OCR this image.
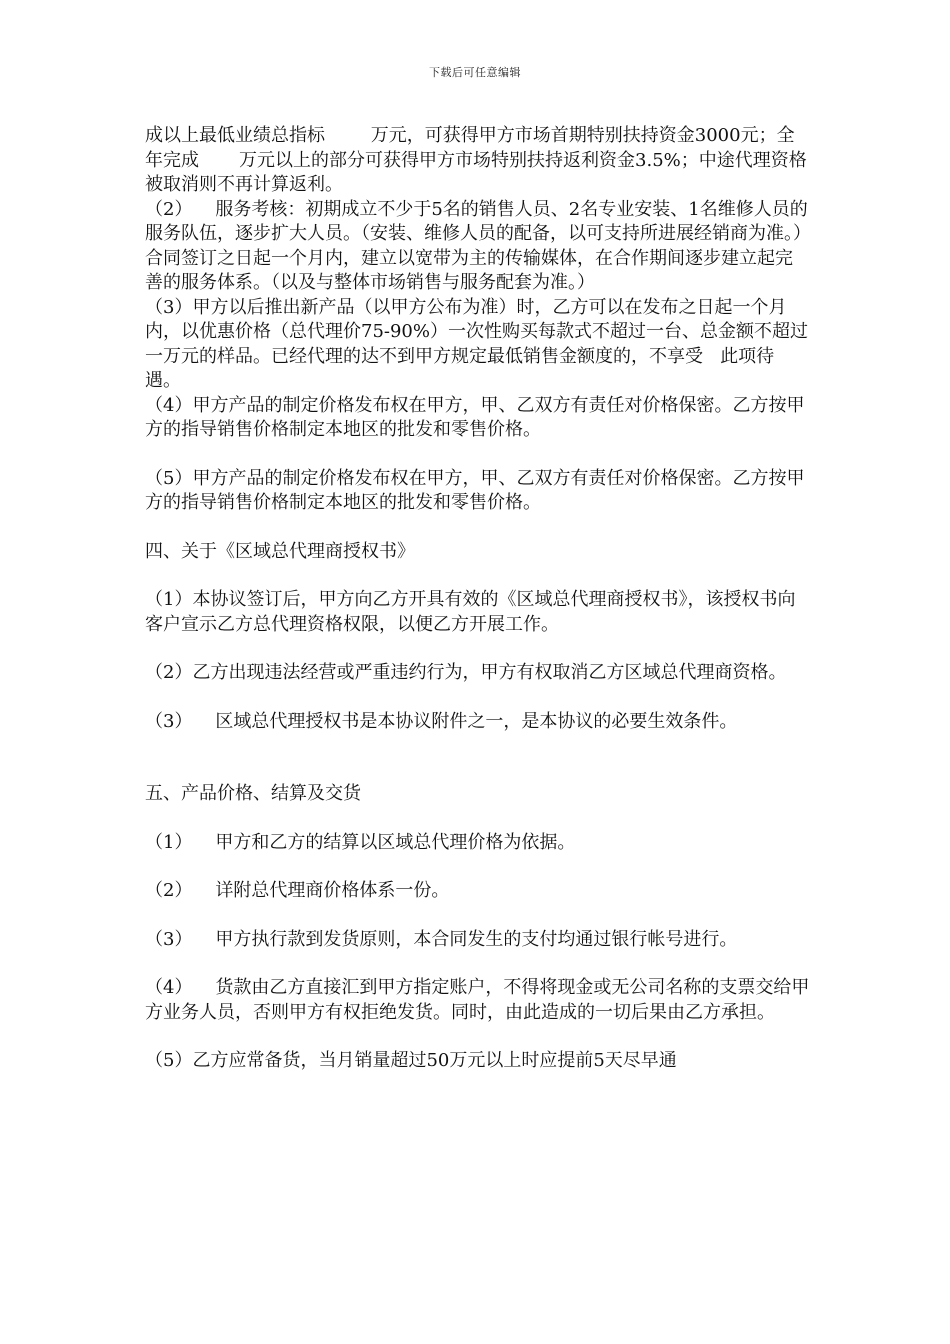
下载后可任意编辑

成以上最低业绩总指标        万元，可获得甲方市场首期特别扶持资金3000元；全年完成       万元以上的部分可获得甲方市场特别扶持返利资金3.5%；中途代理资格被取消则不再计算返利。

（2）    服务考核：初期成立不少于5名的销售人员、2名专业安装、1名维修人员的服务队伍，逐步扩大人员。（安装、维修人员的配备，以可支持所进展经销商为准。）合同签订之日起一个月内，建立以宽带为主的传输媒体，在合作期间逐步建立起完善的服务体系。（以及与整体市场销售与服务配套为准。）

（3）甲方以后推出新产品（以甲方公布为准）时，乙方可以在发布之日起一个月内，以优惠价格（总代理价75-90%）一次性购买每款式不超过一台、总金额不超过一万元的样品。已经代理的达不到甲方规定最低销售金额度的，不享受   此项待遇。

（4）甲方产品的制定价格发布权在甲方，甲、乙双方有责任对价格保密。乙方按甲方的指导销售价格制定本地区的批发和零售价格。

（5）甲方产品的制定价格发布权在甲方，甲、乙双方有责任对价格保密。乙方按甲方的指导销售价格制定本地区的批发和零售价格。

四、关于《区域总代理商授权书》

（1）本协议签订后，甲方向乙方开具有效的《区域总代理商授权书》，该授权书向客户宣示乙方总代理资格权限，以便乙方开展工作。

（2）乙方出现违法经营或严重违约行为，甲方有权取消乙方区域总代理商资格。

（3）    区域总代理授权书是本协议附件之一，是本协议的必要生效条件。

五、产品价格、结算及交货

（1）    甲方和乙方的结算以区域总代理价格为依据。

（2）    详附总代理商价格体系一份。

（3）    甲方执行款到发货原则，本合同发生的支付均通过银行帐号进行。

（4）    货款由乙方直接汇到甲方指定账户，不得将现金或无公司名称的支票交给甲方业务人员，否则甲方有权拒绝发货。同时，由此造成的一切后果由乙方承担。

（5）乙方应常备货，当月销量超过50万元以上时应提前5天尽早通
